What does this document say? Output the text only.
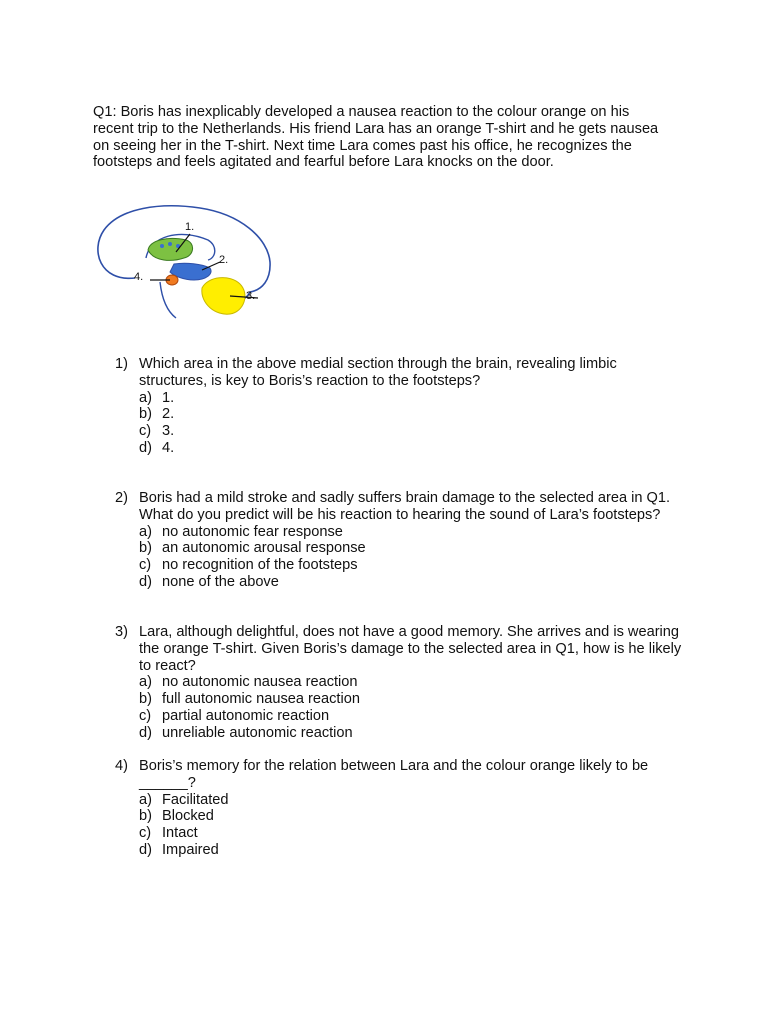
Q1: Boris has inexplicably developed a nausea reaction to the colour orange on his recent trip to the Netherlands. His friend Lara has an orange T-shirt and he gets nausea on seeing her in the T-shirt. Next time Lara comes past his office, he recognizes the footsteps and feels agitated and fearful before Lara knocks on the door.

1.
2.
3.
4.
1) Which area in the above medial section through the brain, revealing limbic structures, is key to Boris’s reaction to the footsteps?
a) 1.
b) 2.
c) 3.
d) 4.
2) Boris had a mild stroke and sadly suffers brain damage to the selected area in Q1. What do you predict will be his reaction to hearing the sound of Lara’s footsteps?
a) no autonomic fear response
b) an autonomic arousal response
c) no recognition of the footsteps
d) none of the above
3) Lara, although delightful, does not have a good memory. She arrives and is wearing the orange T-shirt. Given Boris’s damage to the selected area in Q1, how is he likely to react?
a) no autonomic nausea reaction
b) full autonomic nausea reaction
c) partial autonomic reaction
d) unreliable autonomic reaction
4) Boris’s memory for the relation between Lara and the colour orange likely to be ______?
a) Facilitated
b) Blocked
c) Intact
d) Impaired
